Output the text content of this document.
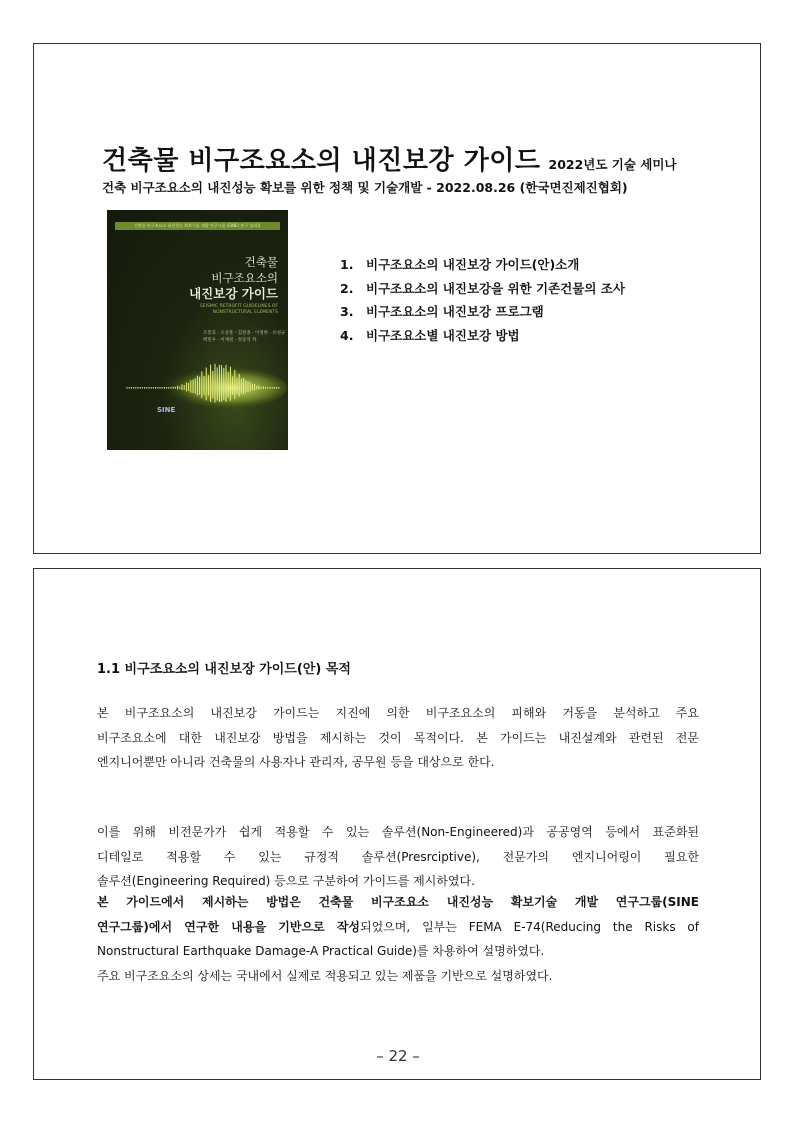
건축물 비구조요소의 내진보강 가이드 2022년도 기술 세미나
건축 비구조요소의 내진성능 확보를 위한 정책 및 기술개발 - 2022.08.26 (한국면진제진협회)
건축물 비구조요소 내진성능 확보기술 개발 연구그룹 (SINE) 연구 성과물
건축물
비구조요소의
내진보강 가이드
SEISMIC RETROFIT GUIDELINES OF
NONSTRUCTURAL ELEMENTS
조봉호 · 오상훈 · 김원종 · 이정한 · 유성규
백민우 · 이재원 · 정동억 外
SINE
1. 비구조요소의 내진보강 가이드(안)소개
2. 비구조요소의 내진보강을 위한 기존건물의 조사
3. 비구조요소의 내진보강 프로그램
4. 비구조요소별 내진보강 방법
1.1 비구조요소의 내진보장 가이드(안) 목적
본 비구조요소의 내진보강 가이드는 지진에 의한 비구조요소의 피해와 거동을 분석하고 주요
비구조요소에 대한 내진보강 방법을 제시하는 것이 목적이다. 본 가이드는 내진설계와 관련된 전문
엔지니어뿐만 아니라 건축물의 사용자나 관리자, 공무원 등을 대상으로 한다.
이를 위해 비전문가가 쉽게 적용할 수 있는 솔루션(Non-Engineered)과 공공영역 등에서 표준화된
디테일로 적용할 수 있는 규정적 솔루션(Presrciptive), 전문가의 엔지니어링이 필요한
솔루션(Engineering Required) 등으로 구분하여 가이드를 제시하였다.
본 가이드에서 제시하는 방법은 건축물 비구조요소 내진성능 확보기술 개발 연구그룹(SINE
연구그룹)에서 연구한 내용을 기반으로 작성되었으며, 일부는 FEMA E-74(Reducing the Risks of
Nonstructural Earthquake Damage-A Practical Guide)를 차용하여 설명하였다.
주요 비구조요소의 상세는 국내에서 실제로 적용되고 있는 제품을 기반으로 설명하였다.
– 22 –
